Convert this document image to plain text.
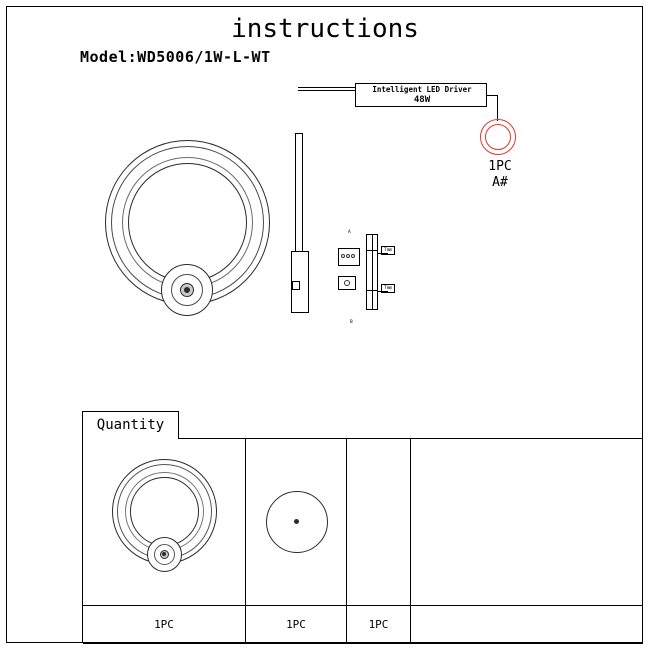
instructions
Model:WD5006/1W-L-WT
A
Tmm
Tmm
B
Intelligent LED Driver
48W
1PC
A#
Quantity
1PC	1PC	1PC
